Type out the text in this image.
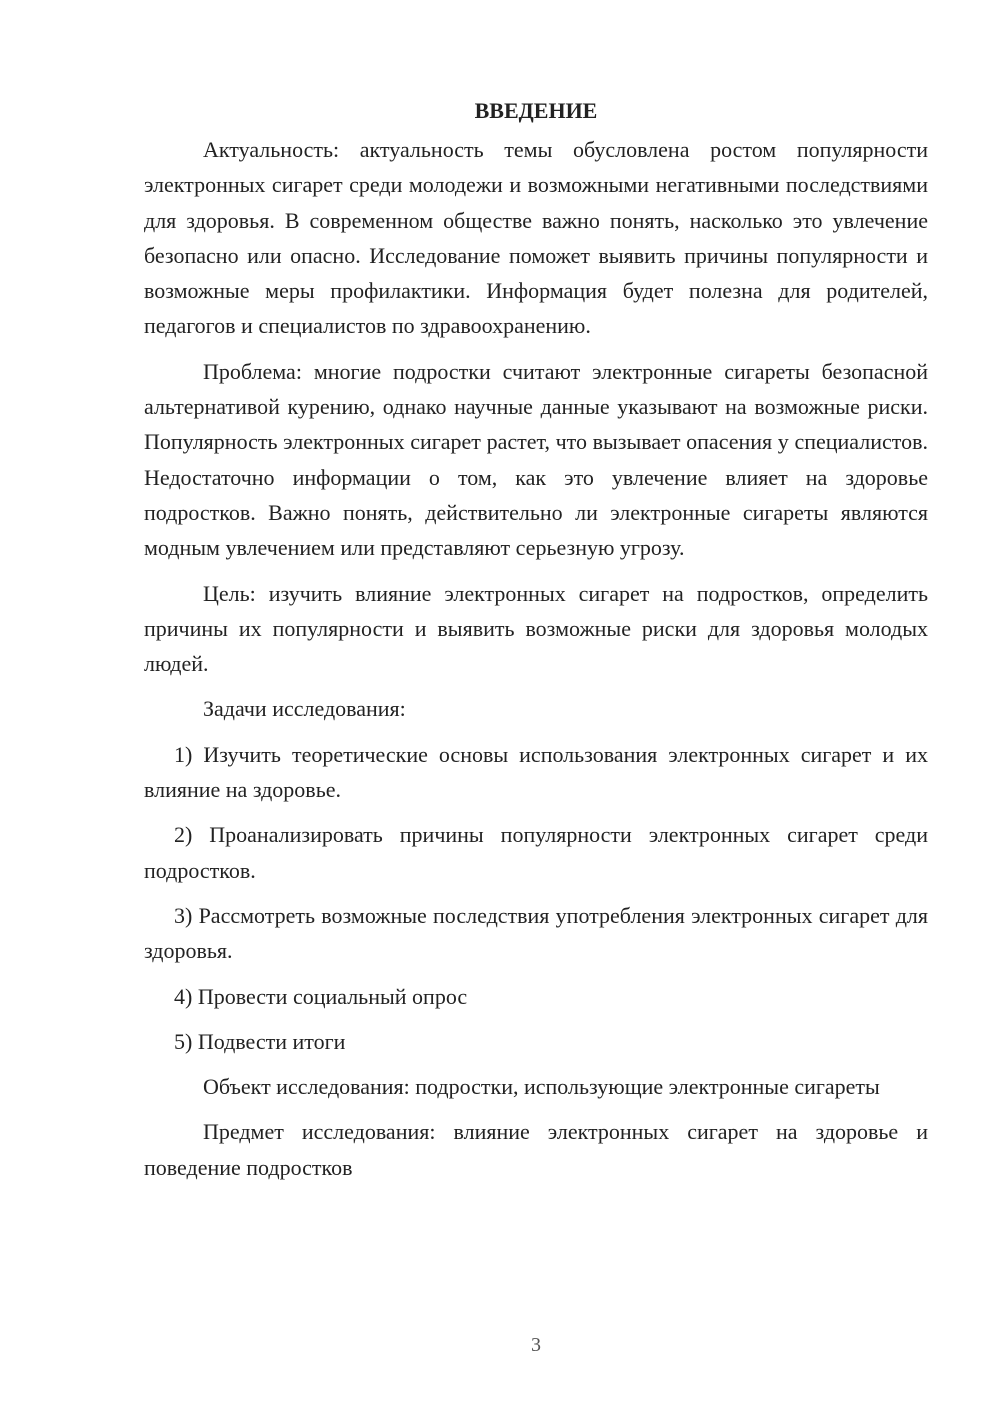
ВВЕДЕНИЕ

Актуальность: актуальность темы обусловлена ростом популярности электронных сигарет среди молодежи и возможными негативными последствиями для здоровья. В современном обществе важно понять, насколько это увлечение безопасно или опасно. Исследование поможет выявить причины популярности и возможные меры профилактики. Информация будет полезна для родителей, педагогов и специалистов по здравоохранению.

Проблема: многие подростки считают электронные сигареты безопасной альтернативой курению, однако научные данные указывают на возможные риски. Популярность электронных сигарет растет, что вызывает опасения у специалистов. Недостаточно информации о том, как это увлечение влияет на здоровье подростков. Важно понять, действительно ли электронные сигареты являются модным увлечением или представляют серьезную угрозу.

Цель: изучить влияние электронных сигарет на подростков, определить причины их популярности и выявить возможные риски для здоровья молодых людей.

Задачи исследования:

1) Изучить теоретические основы использования электронных сигарет и их влияние на здоровье.

2) Проанализировать причины популярности электронных сигарет среди подростков.

3) Рассмотреть возможные последствия употребления электронных сигарет для здоровья.

4) Провести социальный опрос

5) Подвести итоги

Объект исследования: подростки, использующие электронные сигареты

Предмет исследования: влияние электронных сигарет на здоровье и поведение подростков

3
